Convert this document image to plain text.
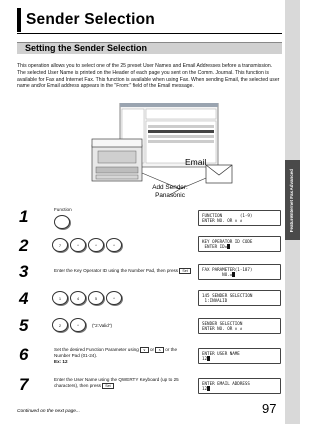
Advanced
Internet Fax
Feature
Sender Selection
Setting the Sender Selection

This operation allows you to select one of the 25 preset User Names and Email Addresses before a transmission. The selected User Name is printed on the Header of each page you sent on the Comm. Journal. This function is available for Fax and Internet Fax. This function is available when using Fax. When sending Email, the selected user name and/or Email address appears in the "From:" field of the Email message.

Email
Add Sender:
Panasonic
1	Function
FUNCTION       (1-9)
ENTER NO. OR ∨ ∧
2	7	*	*	*
KEY OPERATOR ID CODE
ENTER ID=
3	Enter the Key Operator ID using the Number Pad, then press Set	FAX PARAMETER(1-187)
NO.=
4	1	4	5	*
145 SENDER SELECTION
1:INVALID
5	2	*	("2:Valid")	SENDER SELECTION
ENTER NO. OR ∨ ∧
6	Set the desired Function Parameter using ∨ or ∧ or the Number Pad (01-24).
Ex: 12
ENTER USER NAME
12
7	Enter the User Name using the QWERTY Keyboard (up to 25 characters), then press Set
ENTER EMAIL ADDRESS
12
Continued on the next page...	97
